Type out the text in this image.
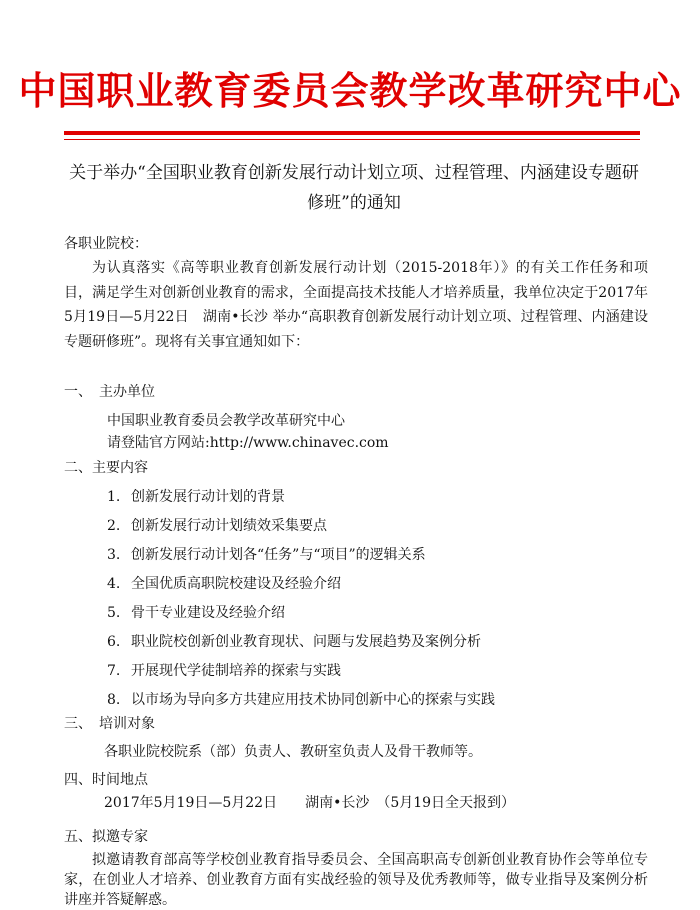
中国职业教育委员会教学改革研究中心
关于举办“全国职业教育创新发展行动计划立项、过程管理、内涵建设专题研修班”的通知
各职业院校：
为认真落实《高等职业教育创新发展行动计划（2015-2018年）》的有关工作任务和项目，满足学生对创新创业教育的需求，全面提高技术技能人才培养质量，我单位决定于2017年5月19日—5月22日　湖南•长沙 举办“高职教育创新发展行动计划立项、过程管理、内涵建设专题研修班”。现将有关事宜通知如下：
一、　主办单位
中国职业教育委员会教学改革研究中心
请登陆官方网站:http://www.chinavec.com
二、主要内容
1. 创新发展行动计划的背景
2. 创新发展行动计划绩效采集要点
3. 创新发展行动计划各“任务”与“项目”的逻辑关系
4. 全国优质高职院校建设及经验介绍
5. 骨干专业建设及经验介绍
6. 职业院校创新创业教育现状、问题与发展趋势及案例分析
7. 开展现代学徒制培养的探索与实践
8. 以市场为导向多方共建应用技术协同创新中心的探索与实践
三、　培训对象
各职业院校院系（部）负责人、教研室负责人及骨干教师等。
四、时间地点
2017年5月19日—5月22日　　湖南•长沙　（5月19日全天报到）
五、拟邀专家
拟邀请教育部高等学校创业教育指导委员会、全国高职高专创新创业教育协作会等单位专家，在创业人才培养、创业教育方面有实战经验的领导及优秀教师等，做专业指导及案例分析讲座并答疑解惑。
